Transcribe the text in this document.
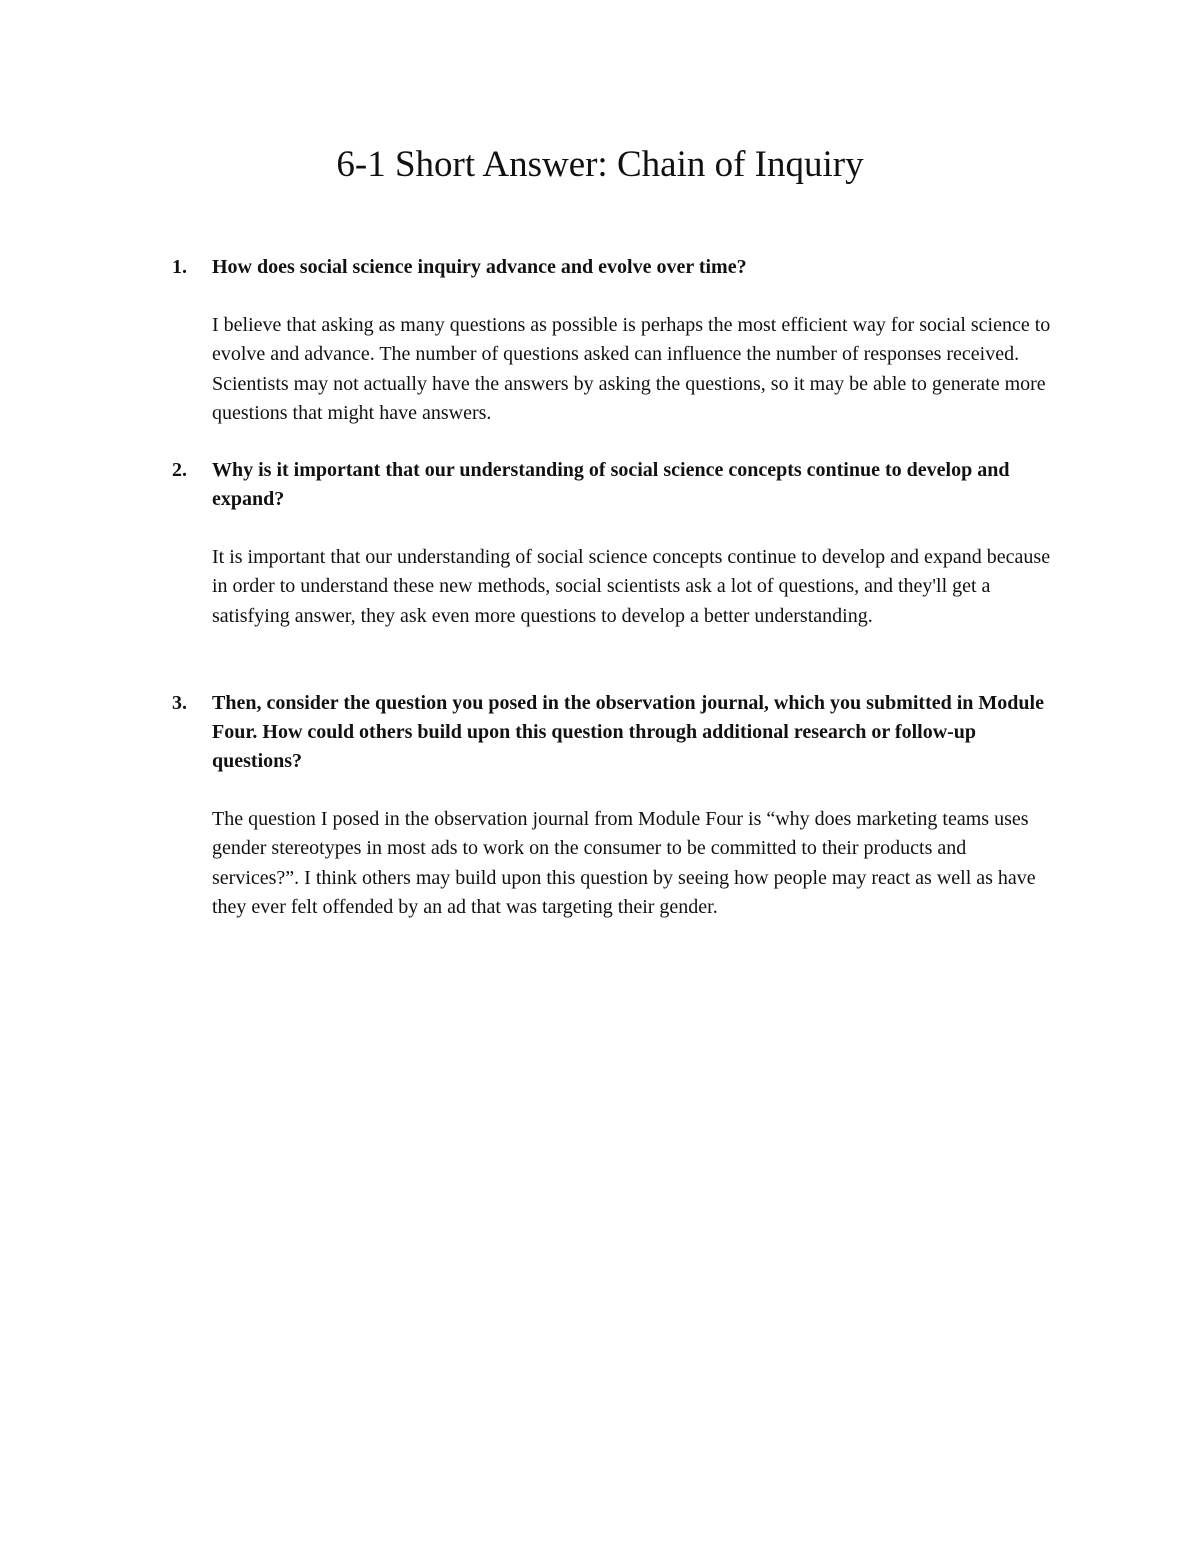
6-1 Short Answer: Chain of Inquiry
1. How does social science inquiry advance and evolve over time?

I believe that asking as many questions as possible is perhaps the most efficient way for social science to evolve and advance. The number of questions asked can influence the number of responses received. Scientists may not actually have the answers by asking the questions, so it may be able to generate more questions that might have answers.

2. Why is it important that our understanding of social science concepts continue to develop and expand?

It is important that our understanding of social science concepts continue to develop and expand because in order to understand these new methods, social scientists ask a lot of questions, and they'll get a satisfying answer, they ask even more questions to develop a better understanding.

3. Then, consider the question you posed in the observation journal, which you submitted in Module Four. How could others build upon this question through additional research or follow-up questions?

The question I posed in the observation journal from Module Four is “why does marketing teams uses gender stereotypes in most ads to work on the consumer to be committed to their products and services?”. I think others may build upon this question by seeing how people may react as well as have they ever felt offended by an ad that was targeting their gender.
